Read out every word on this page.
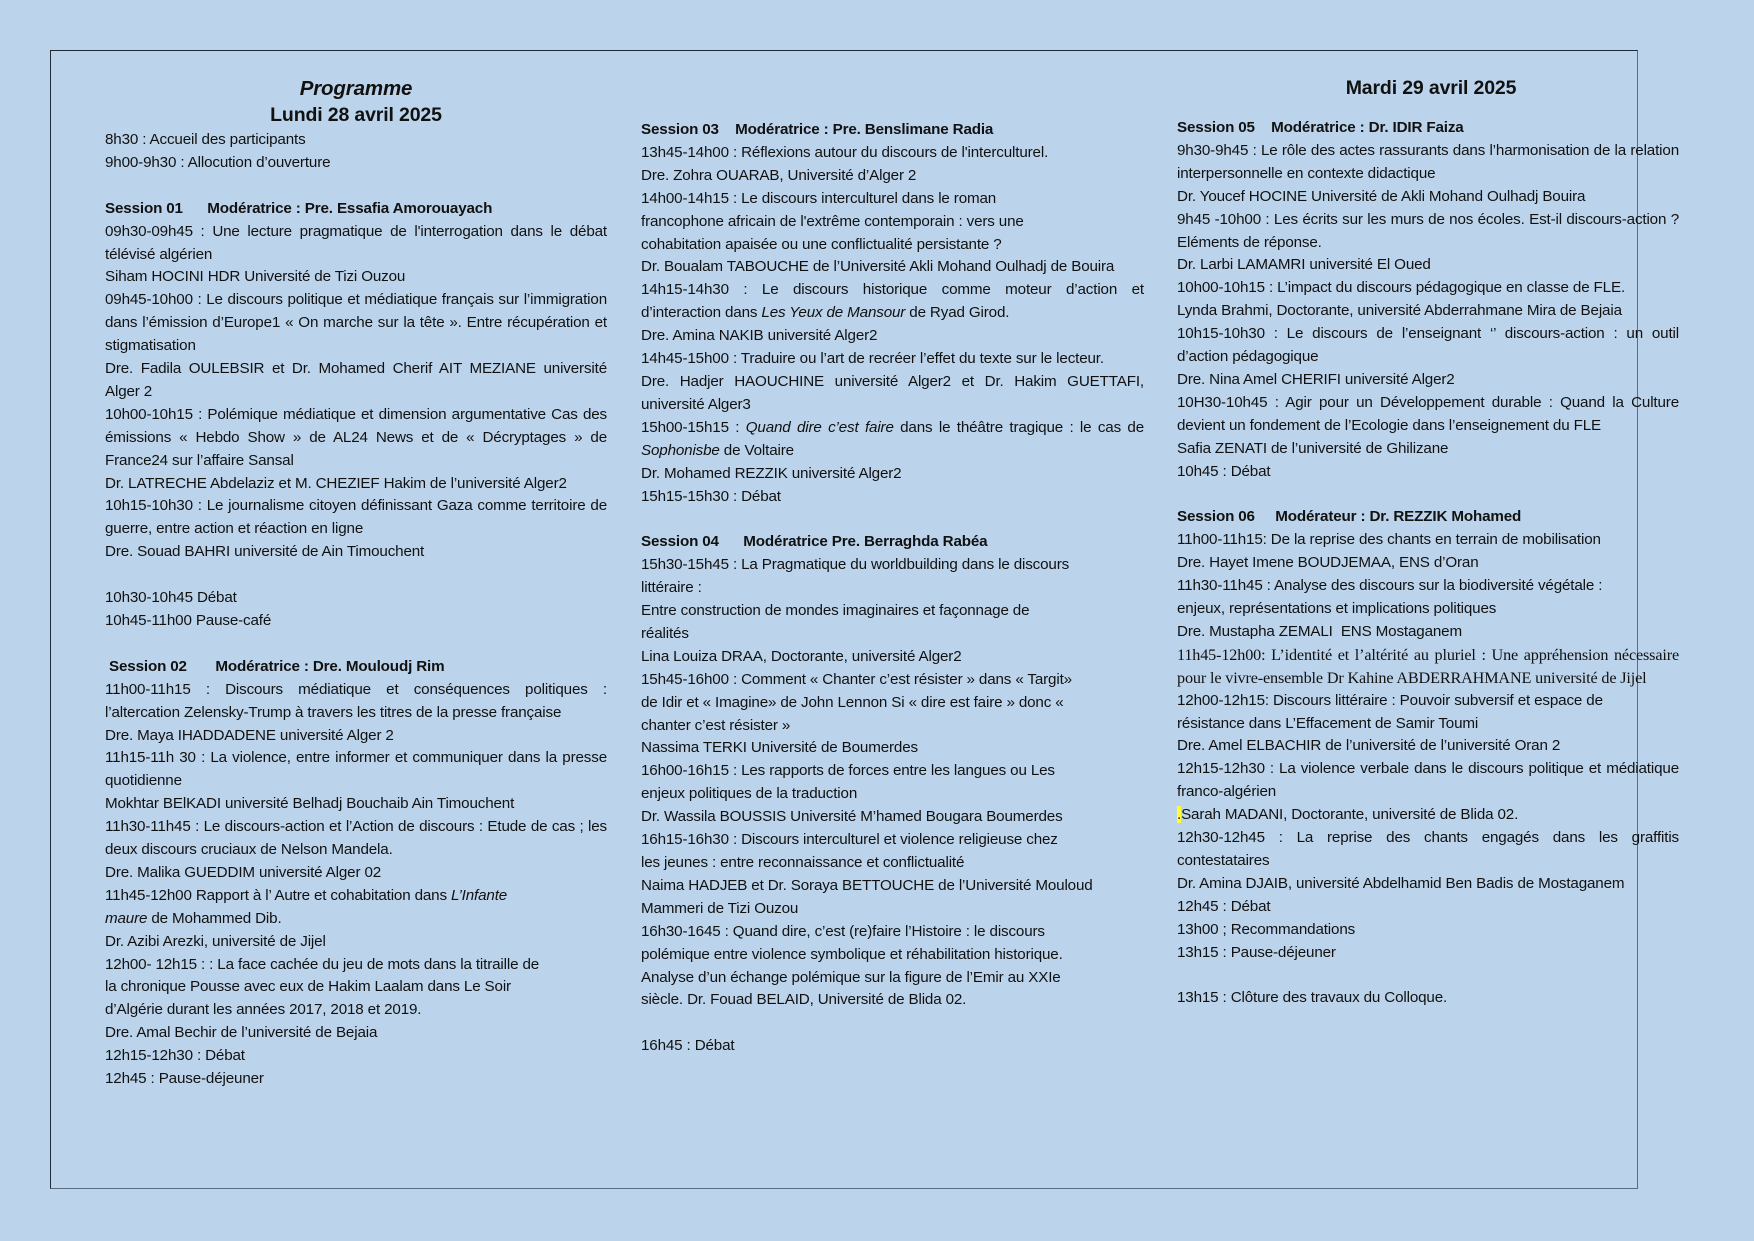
Programme
Lundi 28 avril 2025
8h30 : Accueil des participants
9h00-9h30 : Allocution d’ouverture
Session 01 Modératrice : Pre. Essafia Amorouayach
09h30-09h45 : Une lecture pragmatique de l'interrogation dans le débat télévisé algérien
Siham HOCINI HDR Université de Tizi Ouzou
09h45-10h00 : Le discours politique et médiatique français sur l’immigration dans l’émission d’Europe1 « On marche sur la tête ». Entre récupération et stigmatisation
Dre. Fadila OULEBSIR et Dr. Mohamed Cherif AIT MEZIANE université Alger 2
10h00-10h15 : Polémique médiatique et dimension argumentative Cas des émissions « Hebdo Show » de AL24 News et de « Décryptages » de France24 sur l’affaire Sansal
Dr. LATRECHE Abdelaziz et M. CHEZIEF Hakim de l’université Alger2
10h15-10h30 : Le journalisme citoyen définissant Gaza comme territoire de guerre, entre action et réaction en ligne
Dre. Souad BAHRI université de Ain Timouchent
10h30-10h45 Débat
10h45-11h00 Pause-café
Session 02 Modératrice : Dre. Mouloudj Rim
11h00-11h15 : Discours médiatique et conséquences politiques : l’altercation Zelensky-Trump à travers les titres de la presse française
Dre. Maya IHADDADENE université Alger 2
11h15-11h 30 : La violence, entre informer et communiquer dans la presse quotidienne
Mokhtar BElKADI université Belhadj Bouchaib Ain Timouchent
11h30-11h45 : Le discours-action et l’Action de discours : Etude de cas ; les deux discours cruciaux de Nelson Mandela.
Dre. Malika GUEDDIM université Alger 02
11h45-12h00 Rapport à l’ Autre et cohabitation dans L’Infante
maure de Mohammed Dib.
Dr. Azibi Arezki, université de Jijel
12h00- 12h15 : : La face cachée du jeu de mots dans la titraille de
la chronique Pousse avec eux de Hakim Laalam dans Le Soir
d’Algérie durant les années 2017, 2018 et 2019.
Dre. Amal Bechir de l’université de Bejaia
12h15-12h30 : Débat
12h45 : Pause-déjeuner
Session 03 Modératrice : Pre. Benslimane Radia
13h45-14h00 : Réflexions autour du discours de l'interculturel.
Dre. Zohra OUARAB, Université d’Alger 2
14h00-14h15 : Le discours interculturel dans le roman
francophone africain de l'extrême contemporain : vers une
cohabitation apaisée ou une conflictualité persistante ?
Dr. Boualam TABOUCHE de l’Université Akli Mohand Oulhadj de Bouira
14h15-14h30 : Le discours historique comme moteur d’action et d’interaction dans Les Yeux de Mansour de Ryad Girod.
Dre. Amina NAKIB université Alger2
14h45-15h00 : Traduire ou l’art de recréer l’effet du texte sur le lecteur.
Dre. Hadjer HAOUCHINE université Alger2 et Dr. Hakim GUETTAFI, université Alger3
15h00-15h15 : Quand dire c’est faire dans le théâtre tragique : le cas de Sophonisbe de Voltaire
Dr. Mohamed REZZIK université Alger2
15h15-15h30 : Débat
Session 04 Modératrice Pre. Berraghda Rabéa
15h30-15h45 : La Pragmatique du worldbuilding dans le discours
littéraire :
Entre construction de mondes imaginaires et façonnage de
réalités
Lina Louiza DRAA, Doctorante, université Alger2
15h45-16h00 : Comment « Chanter c’est résister » dans « Targit»
de Idir et « Imagine» de John Lennon Si « dire est faire » donc «
chanter c’est résister »
Nassima TERKI Université de Boumerdes
16h00-16h15 : Les rapports de forces entre les langues ou Les
enjeux politiques de la traduction
Dr. Wassila BOUSSIS Université M’hamed Bougara Boumerdes
16h15-16h30 : Discours interculturel et violence religieuse chez
les jeunes : entre reconnaissance et conflictualité
Naima HADJEB et Dr. Soraya BETTOUCHE de l’Université Mouloud
Mammeri de Tizi Ouzou
16h30-1645 : Quand dire, c’est (re)faire l’Histoire : le discours
polémique entre violence symbolique et réhabilitation historique.
Analyse d’un échange polémique sur la figure de l’Emir au XXIe
siècle. Dr. Fouad BELAID, Université de Blida 02.
16h45 : Débat
Mardi 29 avril 2025
Session 05 Modératrice : Dr. IDIR Faiza
9h30-9h45 : Le rôle des actes rassurants dans l’harmonisation de la relation interpersonnelle en contexte didactique
Dr. Youcef HOCINE Université de Akli Mohand Oulhadj Bouira
9h45 -10h00 : Les écrits sur les murs de nos écoles. Est-il discours-action ? Eléments de réponse.
Dr. Larbi LAMAMRI université El Oued
10h00-10h15 : L’impact du discours pédagogique en classe de FLE.
Lynda Brahmi, Doctorante, université Abderrahmane Mira de Bejaia
10h15-10h30 : Le discours de l’enseignant ‘’ discours-action : un outil d’action pédagogique
Dre. Nina Amel CHERIFI université Alger2
10H30-10h45 : Agir pour un Développement durable : Quand la Culture devient un fondement de l’Ecologie dans l’enseignement du FLE
Safia ZENATI de l’université de Ghilizane
10h45 : Débat
Session 06 Modérateur : Dr. REZZIK Mohamed
11h00-11h15: De la reprise des chants en terrain de mobilisation
Dre. Hayet Imene BOUDJEMAA, ENS d’Oran
11h30-11h45 : Analyse des discours sur la biodiversité végétale :
enjeux, représentations et implications politiques
Dre. Mustapha ZEMALI  ENS Mostaganem
11h45-12h00: L’identité et l’altérité au pluriel : Une appréhension nécessaire pour le vivre-ensemble Dr Kahine ABDERRAHMANE université de Jijel
12h00-12h15: Discours littéraire : Pouvoir subversif et espace de
résistance dans L’Effacement de Samir Toumi
Dre. Amel ELBACHIR de l’université de l’université Oran 2
12h15-12h30 : La violence verbale dans le discours politique et médiatique franco-algérien
.Sarah MADANI, Doctorante, université de Blida 02.
12h30-12h45 : La reprise des chants engagés dans les graffitis contestataires
Dr. Amina DJAIB, université Abdelhamid Ben Badis de Mostaganem
12h45 : Débat
13h00 ; Recommandations
13h15 : Pause-déjeuner
13h15 : Clôture des travaux du Colloque.
